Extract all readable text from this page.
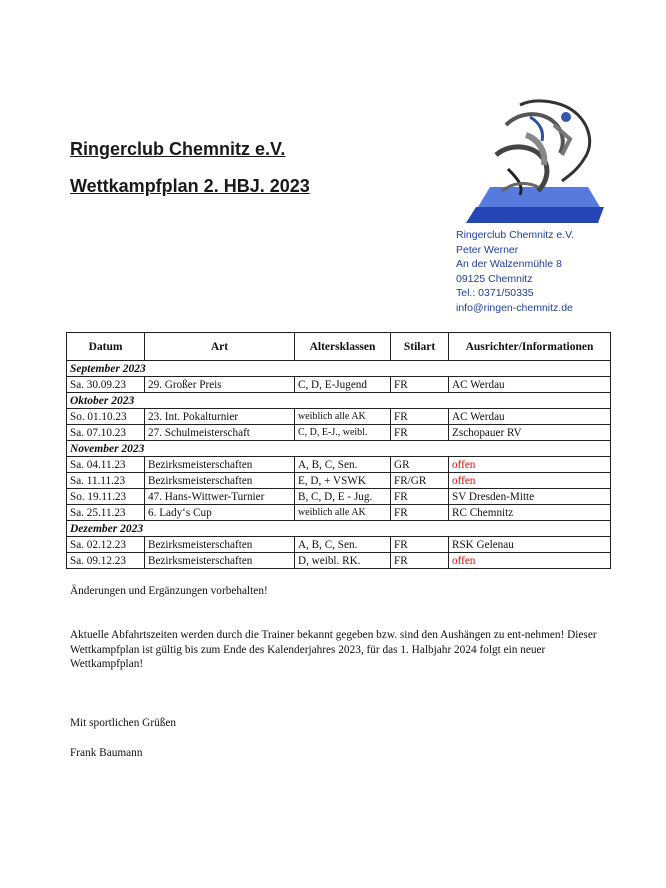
Ringerclub Chemnitz e.V.
Wettkampfplan 2. HBJ. 2023
Ringerclub Chemnitz e.V.
Peter Werner
An der Walzenmühle 8
09125 Chemnitz
Tel.: 0371/50335
info@ringen-chemnitz.de
Datum	Art	Altersklassen	Stilart	Ausrichter/Informationen
September 2023				
Sa. 30.09.23	29. Großer Preis	C, D, E-Jugend	FR	AC Werdau
Oktober 2023				
So. 01.10.23	23. Int. Pokalturnier	weiblich alle AK	FR	AC Werdau
Sa. 07.10.23	27. Schulmeisterschaft	C, D, E-J., weibl.	FR	Zschopauer RV
November 2023				
Sa. 04.11.23	Bezirksmeisterschaften	A, B, C, Sen.	GR	offen
Sa. 11.11.23	Bezirksmeisterschaften	E, D, + VSWK	FR/GR	offen
So. 19.11.23	47. Hans-Wittwer-Turnier	B, C, D, E - Jug.	FR	SV Dresden-Mitte
Sa. 25.11.23	6. Lady‘s Cup	weiblich alle AK	FR	RC Chemnitz
Dezember 2023				
Sa. 02.12.23	Bezirksmeisterschaften	A, B, C, Sen.	FR	RSK Gelenau
Sa. 09.12.23	Bezirksmeisterschaften	D, weibl. RK.	FR	offen
Änderungen und Ergänzungen vorbehalten!
Aktuelle Abfahrtszeiten werden durch die Trainer bekannt gegeben bzw. sind den Aushängen zu ent-nehmen! Dieser Wettkampfplan ist gültig bis zum Ende des Kalenderjahres 2023, für das 1. Halbjahr 2024 folgt ein neuer Wettkampfplan!
Mit sportlichen Grüßen
Frank Baumann
